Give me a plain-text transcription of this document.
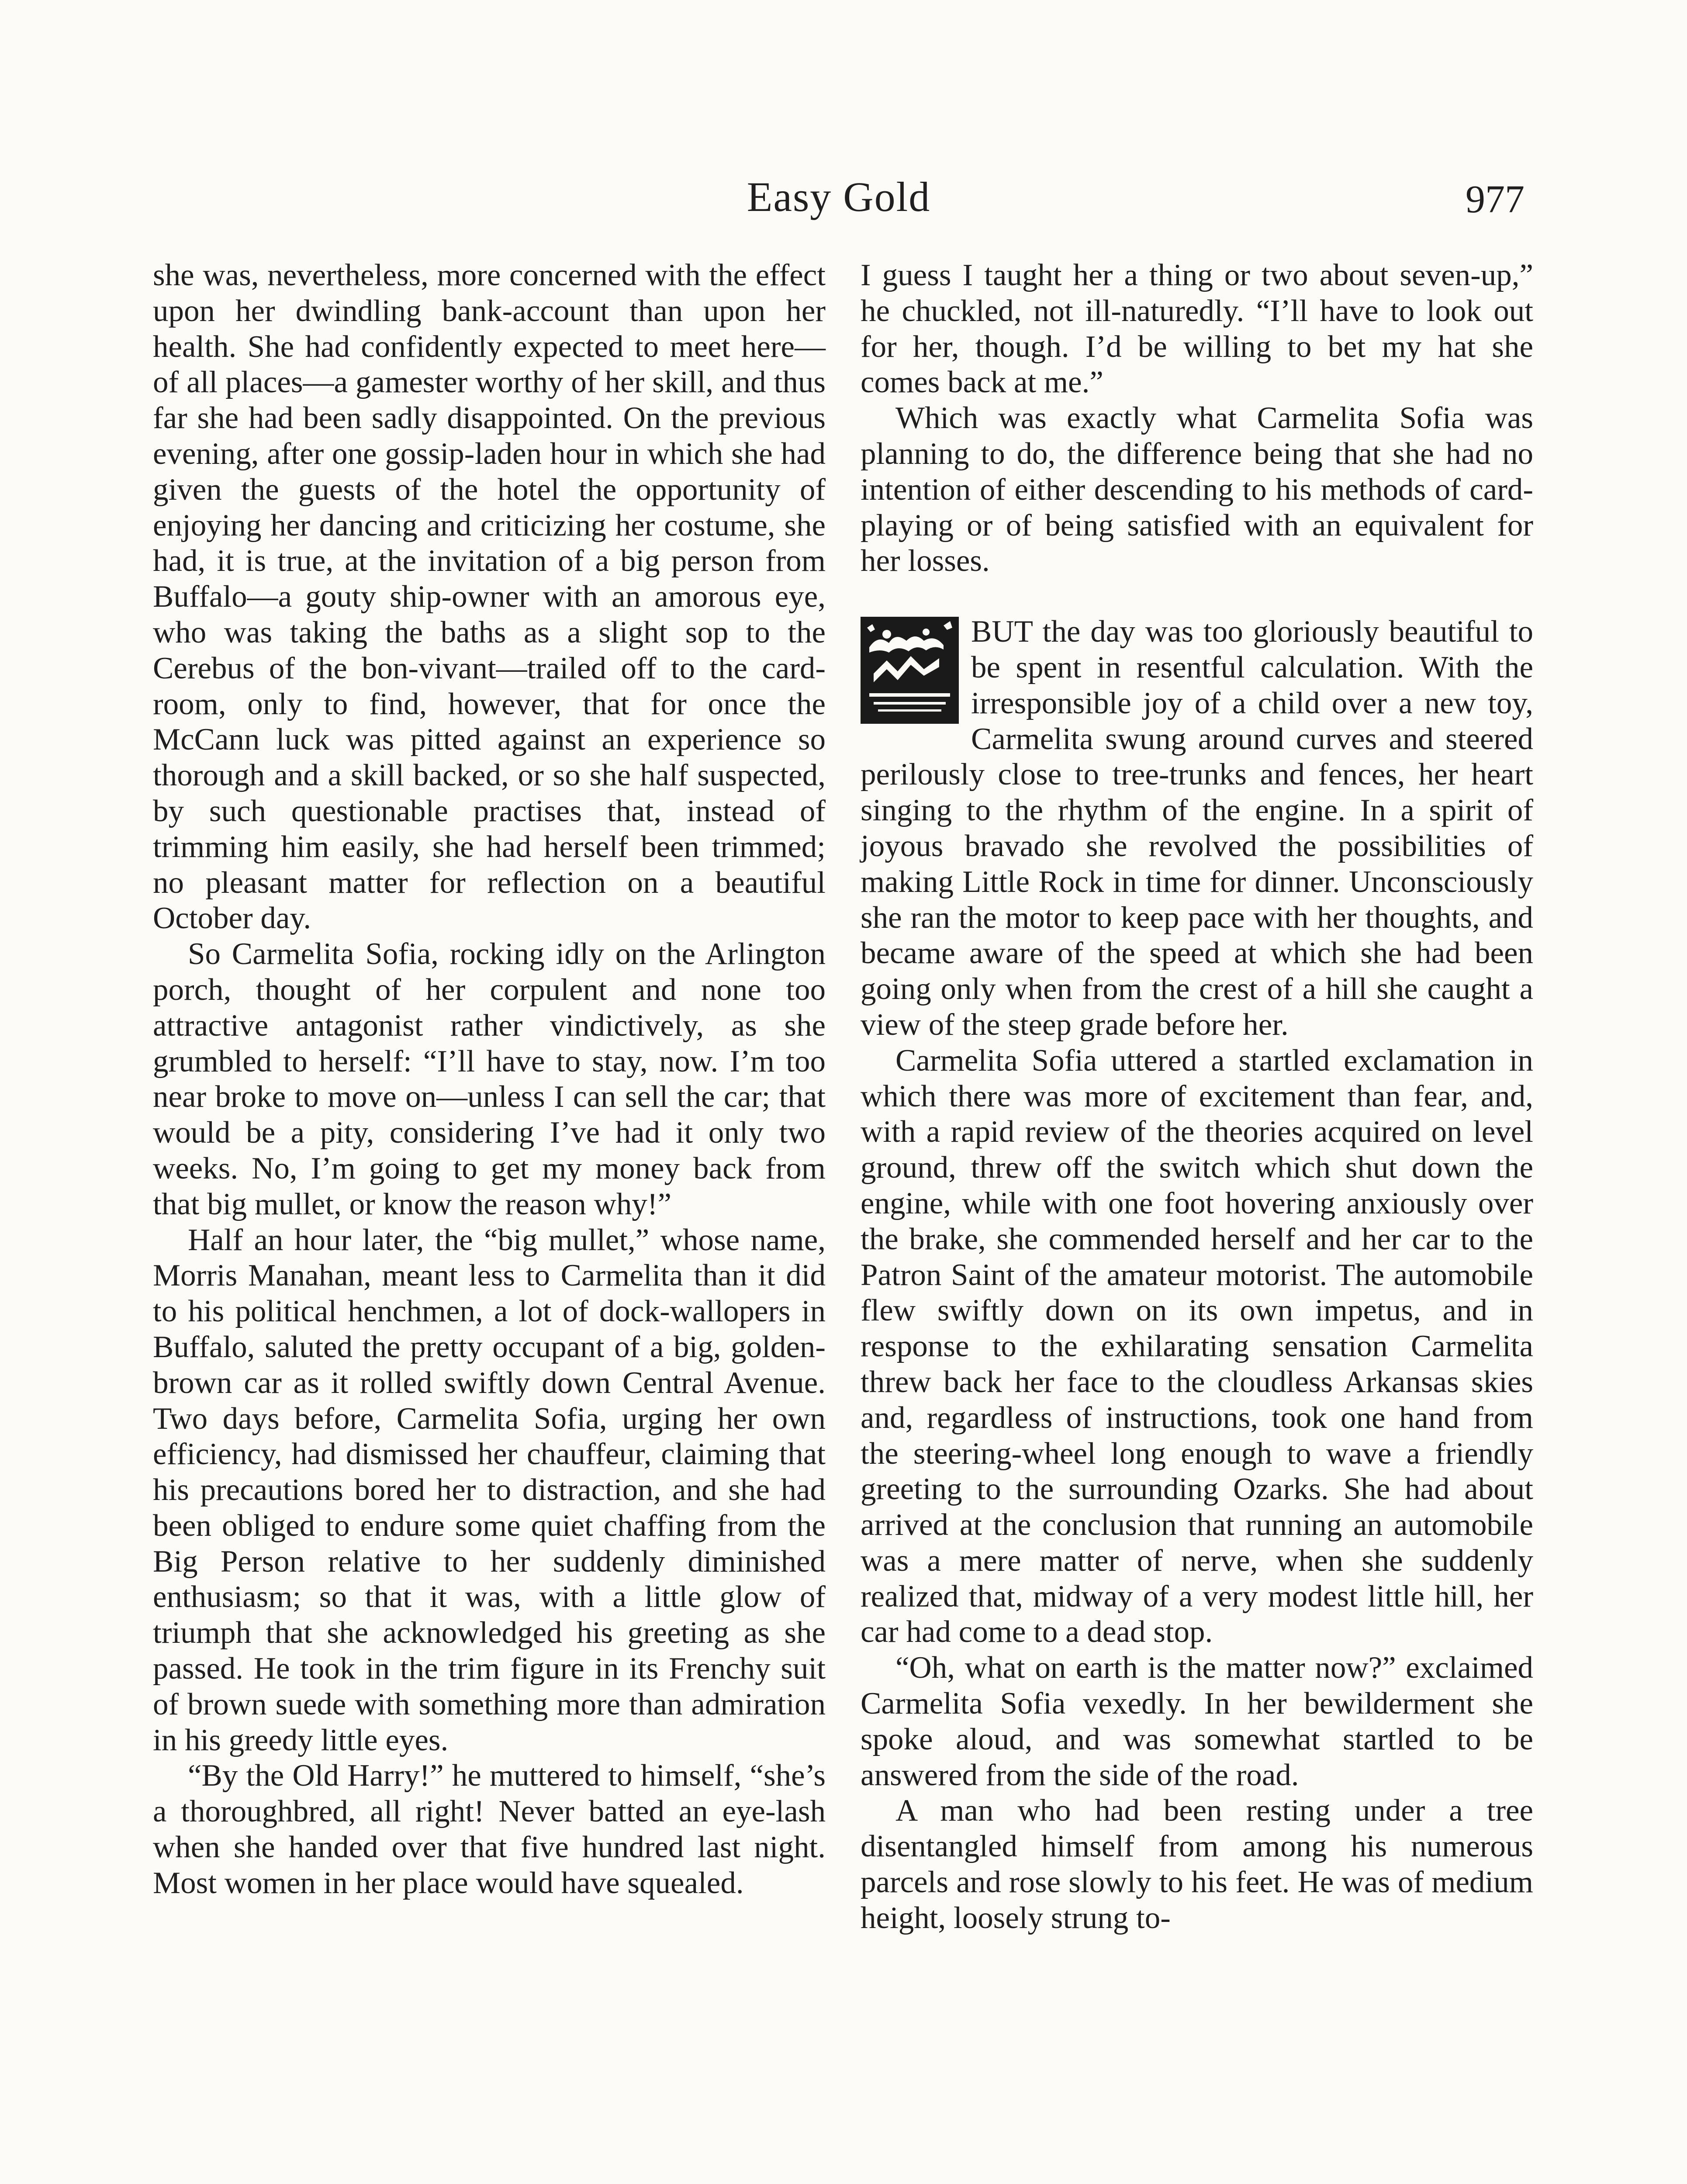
Easy Gold	977

she was, nevertheless, more concerned with the effect upon her dwindling bank-account than upon her health. She had confidently expected to meet here—of all places—a gamester worthy of her skill, and thus far she had been sadly disappointed. On the previous evening, after one gossip-laden hour in which she had given the guests of the hotel the opportunity of enjoying her dancing and criticizing her costume, she had, it is true, at the invitation of a big person from Buffalo—a gouty ship-owner with an amorous eye, who was taking the baths as a slight sop to the Cerebus of the bon-vivant—trailed off to the card-room, only to find, however, that for once the McCann luck was pitted against an experience so thorough and a skill backed, or so she half suspected, by such questionable practises that, instead of trimming him easily, she had herself been trimmed; no pleasant matter for reflection on a beautiful October day.

So Carmelita Sofia, rocking idly on the Arlington porch, thought of her corpulent and none too attractive antagonist rather vindictively, as she grumbled to herself: “I’ll have to stay, now. I’m too near broke to move on—unless I can sell the car; that would be a pity, considering I’ve had it only two weeks. No, I’m going to get my money back from that big mullet, or know the reason why!”

Half an hour later, the “big mullet,” whose name, Morris Manahan, meant less to Carmelita than it did to his political henchmen, a lot of dock-wallopers in Buffalo, saluted the pretty occupant of a big, golden-brown car as it rolled swiftly down Central Avenue. Two days before, Carmelita Sofia, urging her own efficiency, had dismissed her chauffeur, claiming that his precautions bored her to distraction, and she had been obliged to endure some quiet chaffing from the Big Person relative to her suddenly diminished enthusiasm; so that it was, with a little glow of triumph that she acknowledged his greeting as she passed. He took in the trim figure in its Frenchy suit of brown suede with something more than admiration in his greedy little eyes.

“By the Old Harry!” he muttered to himself, “she’s a thoroughbred, all right! Never batted an eye-lash when she handed over that five hundred last night. Most women in her place would have squealed.

I guess I taught her a thing or two about seven-up,” he chuckled, not ill-naturedly. “I’ll have to look out for her, though. I’d be willing to bet my hat she comes back at me.”

Which was exactly what Carmelita Sofia was planning to do, the difference being that she had no intention of either descending to his methods of card-playing or of being satisfied with an equivalent for her losses.

BUT the day was too gloriously beautiful to be spent in resentful calculation. With the irresponsible joy of a child over a new toy, Carmelita swung around curves and steered perilously close to tree-trunks and fences, her heart singing to the rhythm of the engine. In a spirit of joyous bravado she revolved the possibilities of making Little Rock in time for dinner. Unconsciously she ran the motor to keep pace with her thoughts, and became aware of the speed at which she had been going only when from the crest of a hill she caught a view of the steep grade before her.

Carmelita Sofia uttered a startled exclamation in which there was more of excitement than fear, and, with a rapid review of the theories acquired on level ground, threw off the switch which shut down the engine, while with one foot hovering anxiously over the brake, she commended herself and her car to the Patron Saint of the amateur motorist. The automobile flew swiftly down on its own impetus, and in response to the exhilarating sensation Carmelita threw back her face to the cloudless Arkansas skies and, regardless of instructions, took one hand from the steering-wheel long enough to wave a friendly greeting to the surrounding Ozarks. She had about arrived at the conclusion that running an automobile was a mere matter of nerve, when she suddenly realized that, midway of a very modest little hill, her car had come to a dead stop.

“Oh, what on earth is the matter now?” exclaimed Carmelita Sofia vexedly. In her bewilderment she spoke aloud, and was somewhat startled to be answered from the side of the road.

A man who had been resting under a tree disentangled himself from among his numerous parcels and rose slowly to his feet. He was of medium height, loosely strung to-
